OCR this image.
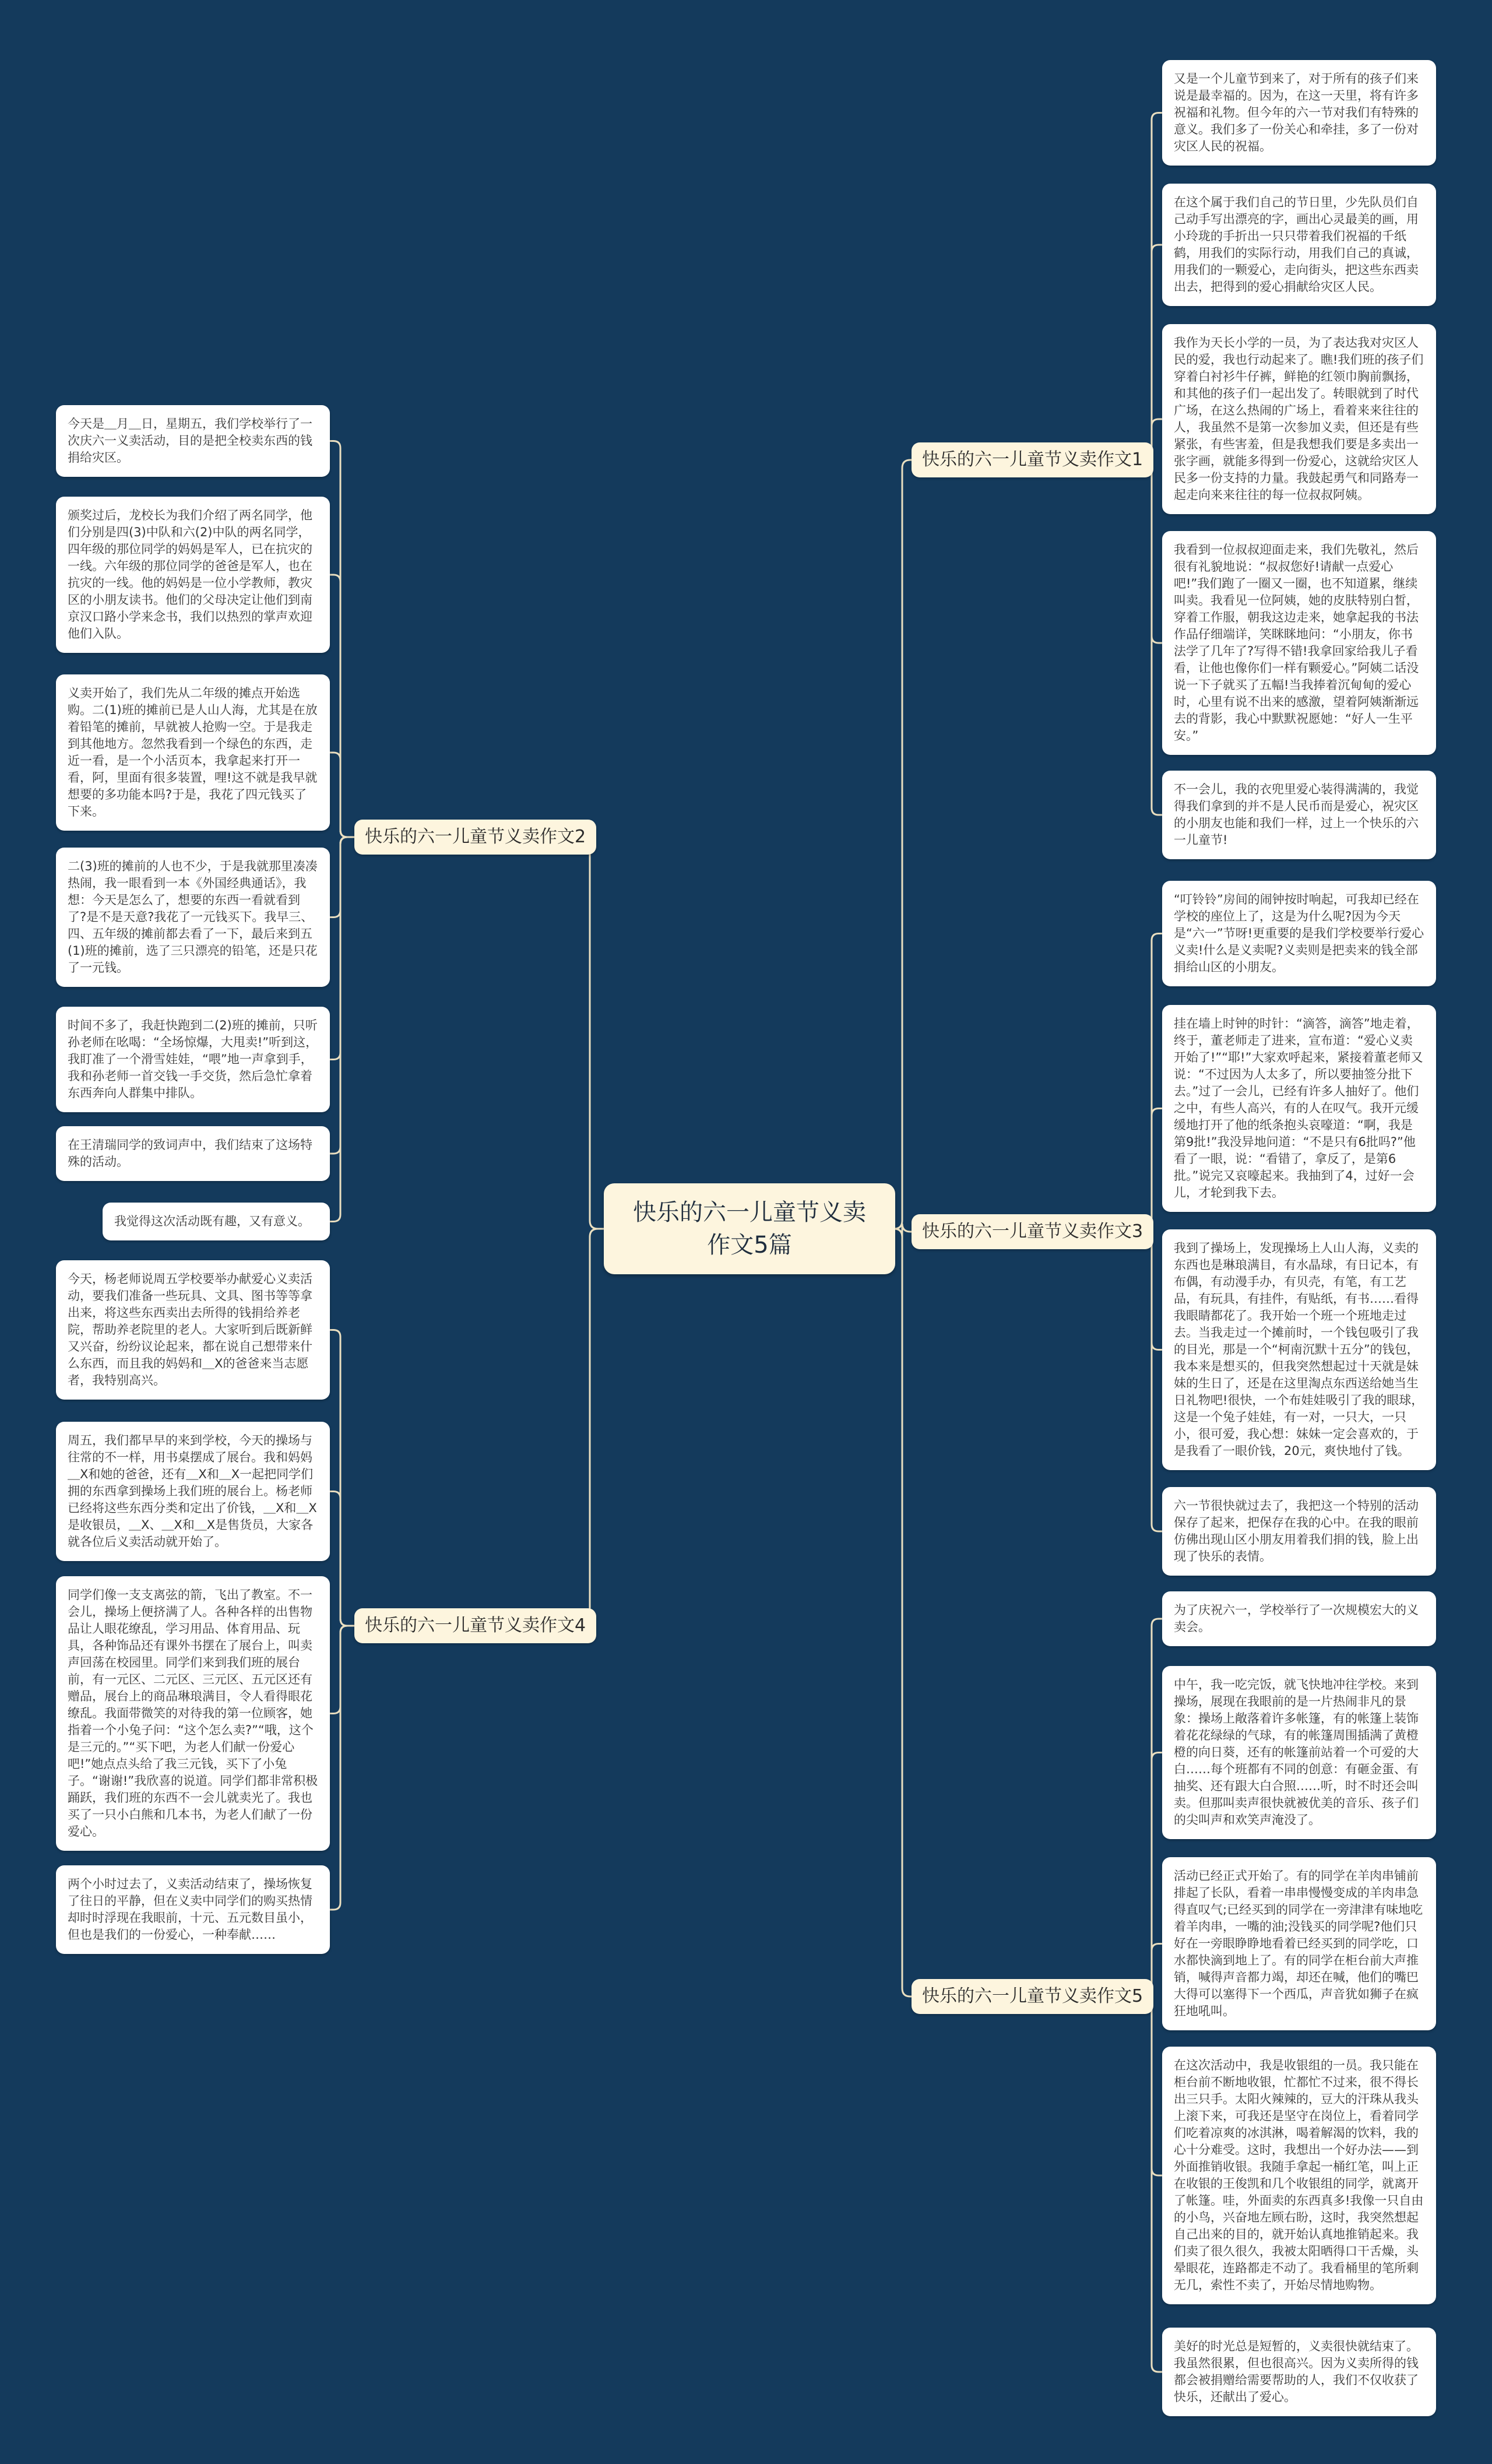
快乐的六一儿童节义卖作文5篇
快乐的六一儿童节义卖作文1
快乐的六一儿童节义卖作文3
快乐的六一儿童节义卖作文5
快乐的六一儿童节义卖作文2
快乐的六一儿童节义卖作文4
又是一个儿童节到来了，对于所有的孩子们来说是最幸福的。因为，在这一天里，将有许多祝福和礼物。但今年的六一节对我们有特殊的意义。我们多了一份关心和牵挂，多了一份对灾区人民的祝福。
在这个属于我们自己的节日里，少先队员们自己动手写出漂亮的字，画出心灵最美的画，用小玲珑的手折出一只只带着我们祝福的千纸鹤，用我们的实际行动，用我们自己的真诚，用我们的一颗爱心，走向街头，把这些东西卖出去，把得到的爱心捐献给灾区人民。
我作为天长小学的一员，为了表达我对灾区人民的爱，我也行动起来了。瞧!我们班的孩子们穿着白衬衫牛仔裤，鲜艳的红领巾胸前飘扬，和其他的孩子们一起出发了。转眼就到了时代广场，在这么热闹的广场上，看着来来往往的人，我虽然不是第一次参加义卖，但还是有些紧张，有些害羞，但是我想我们要是多卖出一张字画，就能多得到一份爱心，这就给灾区人民多一份支持的力量。我鼓起勇气和同路寿一起走向来来往往的每一位叔叔阿姨。
我看到一位叔叔迎面走来，我们先敬礼，然后很有礼貌地说：“叔叔您好!请献一点爱心吧!”我们跑了一圈又一圈，也不知道累，继续叫卖。我看见一位阿姨，她的皮肤特别白皙，穿着工作服，朝我这边走来，她拿起我的书法作品仔细端详，笑眯眯地问：“小朋友，你书法学了几年了?写得不错!我拿回家给我儿子看看，让他也像你们一样有颗爱心。”阿姨二话没说一下子就买了五幅!当我捧着沉甸甸的爱心时，心里有说不出来的感激，望着阿姨渐渐远去的背影，我心中默默祝愿她：“好人一生平安。”
不一会儿，我的衣兜里爱心装得满满的，我觉得我们拿到的并不是人民币而是爱心，祝灾区的小朋友也能和我们一样，过上一个快乐的六一儿童节!
“叮铃铃”房间的闹钟按时响起，可我却已经在学校的座位上了，这是为什么呢?因为今天是“六一”节呀!更重要的是我们学校要举行爱心义卖!什么是义卖呢?义卖则是把卖来的钱全部捐给山区的小朋友。
挂在墙上时钟的时针：“滴答，滴答”地走着，终于，董老师走了进来，宣布道：“爱心义卖开始了!”“耶!”大家欢呼起来，紧接着董老师又说：“不过因为人太多了，所以要抽签分批下去。”过了一会儿，已经有许多人抽好了。他们之中，有些人高兴，有的人在叹气。我开元缓缓地打开了他的纸条抱头哀嚎道：“啊，我是第9批!”我没异地问道：“不是只有6批吗?”他看了一眼，说：“看错了，拿反了，是第6批。”说完又哀嚎起来。我抽到了4，过好一会儿，才轮到我下去。
我到了操场上，发现操场上人山人海，义卖的东西也是琳琅满目，有水晶球，有日记本，有布偶，有动漫手办，有贝壳，有笔，有工艺品，有玩具，有挂件，有贴纸，有书……看得我眼睛都花了。我开始一个班一个班地走过去。当我走过一个摊前时，一个钱包吸引了我的目光，那是一个“柯南沉默十五分”的钱包，我本来是想买的，但我突然想起过十天就是妹妹的生日了，还是在这里淘点东西送给她当生日礼物吧!很快，一个布娃娃吸引了我的眼球，这是一个兔子娃娃，有一对，一只大，一只小，很可爱，我心想：妹妹一定会喜欢的，于是我看了一眼价钱，20元，爽快地付了钱。
六一节很快就过去了，我把这一个特别的活动保存了起来，把保存在我的心中。在我的眼前仿佛出现山区小朋友用着我们捐的钱，脸上出现了快乐的表情。
为了庆祝六一，学校举行了一次规模宏大的义卖会。
中午，我一吃完饭，就飞快地冲往学校。来到操场，展现在我眼前的是一片热闹非凡的景象：操场上敞落着许多帐篷，有的帐篷上装饰着花花绿绿的气球，有的帐篷周围插满了黄橙橙的向日葵，还有的帐篷前站着一个可爱的大白……每个班都有不同的创意：有砸金蛋、有抽奖、还有跟大白合照……听，时不时还会叫卖。但那叫卖声很快就被优美的音乐、孩子们的尖叫声和欢笑声淹没了。
活动已经正式开始了。有的同学在羊肉串铺前排起了长队，看着一串串慢慢变成的羊肉串急得直叹气;已经买到的同学在一旁津津有味地吃着羊肉串，一嘴的油;没钱买的同学呢?他们只好在一旁眼睁睁地看着已经买到的同学吃，口水都快滴到地上了。有的同学在柜台前大声推销，喊得声音都力竭，却还在喊，他们的嘴巴大得可以塞得下一个西瓜，声音犹如狮子在疯狂地吼叫。
在这次活动中，我是收银组的一员。我只能在柜台前不断地收银，忙都忙不过来，很不得长出三只手。太阳火辣辣的，豆大的汗珠从我头上滚下来，可我还是坚守在岗位上，看着同学们吃着凉爽的冰淇淋，喝着解渴的饮料，我的心十分难受。这时，我想出一个好办法——到外面推销收银。我随手拿起一桶红笔，叫上正在收银的王俊凯和几个收银组的同学，就离开了帐篷。哇，外面卖的东西真多!我像一只自由的小鸟，兴奋地左顾右盼，这时，我突然想起自己出来的目的，就开始认真地推销起来。我们卖了很久很久，我被太阳晒得口干舌燥，头晕眼花，连路都走不动了。我看桶里的笔所剩无几，索性不卖了，开始尽情地购物。
美好的时光总是短暂的，义卖很快就结束了。我虽然很累，但也很高兴。因为义卖所得的钱都会被捐赠给需要帮助的人，我们不仅收获了快乐，还献出了爱心。
今天是＿月＿日，星期五，我们学校举行了一次庆六一义卖活动，目的是把全校卖东西的钱捐给灾区。
颁奖过后，龙校长为我们介绍了两名同学，他们分别是四(3)中队和六(2)中队的两名同学，四年级的那位同学的妈妈是军人，已在抗灾的一线。六年级的那位同学的爸爸是军人，也在抗灾的一线。他的妈妈是一位小学教师，教灾区的小朋友读书。他们的父母决定让他们到南京汉口路小学来念书，我们以热烈的掌声欢迎他们入队。
义卖开始了，我们先从二年级的摊点开始选购。二(1)班的摊前已是人山人海，尤其是在放着铅笔的摊前，早就被人抢购一空。于是我走到其他地方。忽然我看到一个绿色的东西，走近一看，是一个小活页本，我拿起来打开一看，阿，里面有很多装置，哩!这不就是我早就想要的多功能本吗?于是，我花了四元钱买了下来。
二(3)班的摊前的人也不少，于是我就那里凑凑热闹，我一眼看到一本《外国经典通话》，我想：今天是怎么了，想要的东西一看就看到了?是不是天意?我花了一元钱买下。我早三、四、五年级的摊前都去看了一下，最后来到五(1)班的摊前，选了三只漂亮的铅笔，还是只花了一元钱。
时间不多了，我赶快跑到二(2)班的摊前，只听孙老师在吆喝：“全场惊爆，大甩卖!”听到这，我盯准了一个滑雪娃娃，“喂”地一声拿到手，我和孙老师一首交钱一手交货，然后急忙拿着东西奔向人群集中排队。
在王清瑞同学的致词声中，我们结束了这场特殊的活动。
我觉得这次活动既有趣，又有意义。
今天，杨老师说周五学校要举办献爱心义卖活动，要我们准备一些玩具、文具、图书等等拿出来，将这些东西卖出去所得的钱捐给养老院，帮助养老院里的老人。大家听到后既新鲜又兴奋，纷纷议论起来，都在说自己想带来什么东西，而且我的妈妈和＿X的爸爸来当志愿者，我特别高兴。
周五，我们都早早的来到学校，今天的操场与往常的不一样，用书桌摆成了展台。我和妈妈＿X和她的爸爸，还有＿X和＿X一起把同学们拥的东西拿到操场上我们班的展台上。杨老师已经将这些东西分类和定出了价钱，＿X和＿X是收银员，＿X、＿X和＿X是售货员，大家各就各位后义卖活动就开始了。
同学们像一支支离弦的箭，飞出了教室。不一会儿，操场上便挤满了人。各种各样的出售物品让人眼花缭乱，学习用品、体育用品、玩具，各种饰品还有课外书摆在了展台上，叫卖声回荡在校园里。同学们来到我们班的展台前，有一元区、二元区、三元区、五元区还有赠品，展台上的商品琳琅满目，令人看得眼花缭乱。我面带微笑的对待我的第一位顾客，她指着一个小兔子问：“这个怎么卖?”“哦，这个是三元的。”“买下吧，为老人们献一份爱心吧!”她点点头给了我三元钱，买下了小兔子。“谢谢!”我欣喜的说道。同学们都非常积极踊跃，我们班的东西不一会儿就卖光了。我也买了一只小白熊和几本书，为老人们献了一份爱心。
两个小时过去了，义卖活动结束了，操场恢复了往日的平静，但在义卖中同学们的购买热情却时时浮现在我眼前，十元、五元数目虽小，但也是我们的一份爱心，一种奉献……
